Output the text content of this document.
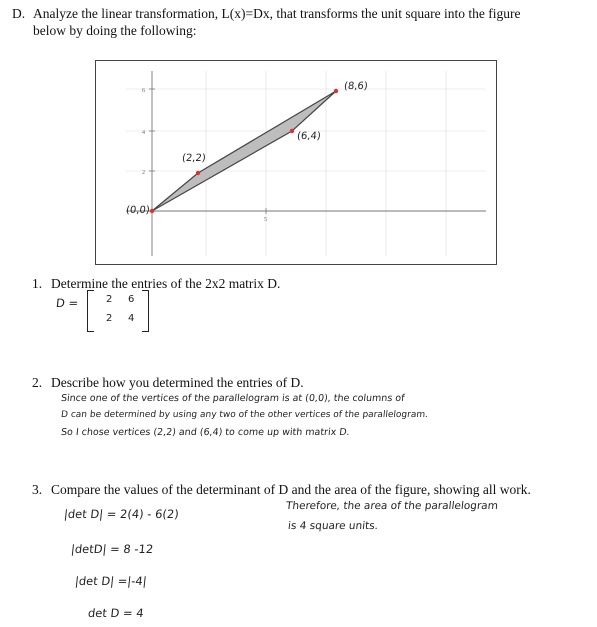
D. Analyze the linear transformation, L(x)=Dx, that transforms the unit square into the figure
below by doing the following:
6
4
2
5
(0,0)
(2,2)
(6,4)
(8,6)
1. Determine the entries of the 2x2 matrix D.
D =	2 6
2 4
2. Describe how you determined the entries of D.
Since one of the vertices of the parallelogram is at (0,0), the columns of
D can be determined by using any two of the other vertices of the parallelogram.
So I chose vertices (2,2) and (6,4) to come up with matrix D.
3. Compare the values of the determinant of D and the area of the figure, showing all work.
|det D| = 2(4) - 6(2)
|detD| = 8 -12
|det D| =|-4|
det D = 4
Therefore, the area of the parallelogram
is 4 square units.
